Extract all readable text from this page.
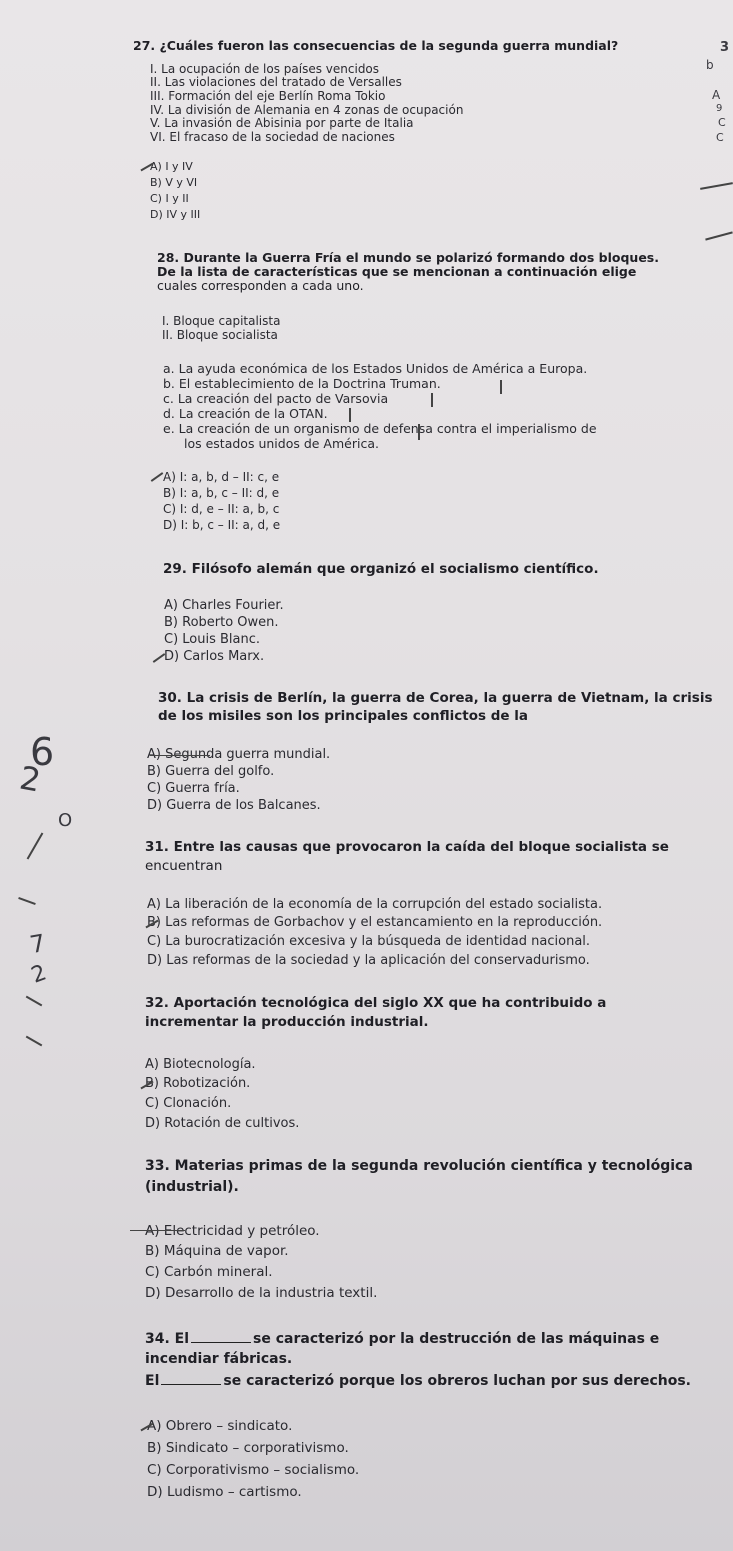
27. ¿Cuáles fueron las consecuencias de la segunda guerra mundial?
I. La ocupación de los países vencidos
II. Las violaciones del tratado de Versalles
III. Formación del eje Berlín Roma Tokio
IV. La división de Alemania en 4 zonas de ocupación
V. La invasión de Abisinia por parte de Italia
VI. El fracaso de la sociedad de naciones
A) I y IV
B) V y VI
C) I y II
D) IV y III
28. Durante la Guerra Fría el mundo se polarizó formando dos bloques.
De la lista de características que se mencionan a continuación elige
cuales corresponden a cada uno.
I. Bloque capitalista
II. Bloque socialista
a. La ayuda económica de los Estados Unidos de América a Europa.
b. El establecimiento de la Doctrina Truman.
c. La creación del pacto de Varsovia
d. La creación de la OTAN.
e. La creación de un organismo de defensa contra el imperialismo de
los estados unidos de América.
A) I: a, b, d – II: c, e
B) I: a, b, c – II: d, e
C) I: d, e – II: a, b, c
D) I: b, c – II: a, d, e
29. Filósofo alemán que organizó el socialismo científico.
A) Charles Fourier.
B) Roberto Owen.
C) Louis Blanc.
D) Carlos Marx.
30. La crisis de Berlín, la guerra de Corea, la guerra de Vietnam, la crisis
de los misiles son los principales conflictos de la
A) Segunda guerra mundial.
B) Guerra del golfo.
C) Guerra fría.
D) Guerra de los Balcanes.
31. Entre las causas que provocaron la caída del bloque socialista se
encuentran
A) La liberación de la economía de la corrupción del estado socialista.
B) Las reformas de Gorbachov y el estancamiento en la reproducción.
C) La burocratización excesiva y la búsqueda de identidad nacional.
D) Las reformas de la sociedad y la aplicación del conservadurismo.
32. Aportación tecnológica del siglo XX que ha contribuido a
incrementar la producción industrial.
A) Biotecnología.
B) Robotización.
C) Clonación.
D) Rotación de cultivos.
33. Materias primas de la segunda revolución científica y tecnológica
(industrial).
A) Electricidad y petróleo.
B) Máquina de vapor.
C) Carbón mineral.
D) Desarrollo de la industria textil.
34. El	se caracterizó por la destrucción de las máquinas e
incendiar fábricas.
El	se caracterizó porque los obreros luchan por sus derechos.
A) Obrero – sindicato.
B) Sindicato – corporativismo.
C) Corporativismo – socialismo.
D) Ludismo – cartismo.
3
b
A
9
C
C
6
2
O
7
2
